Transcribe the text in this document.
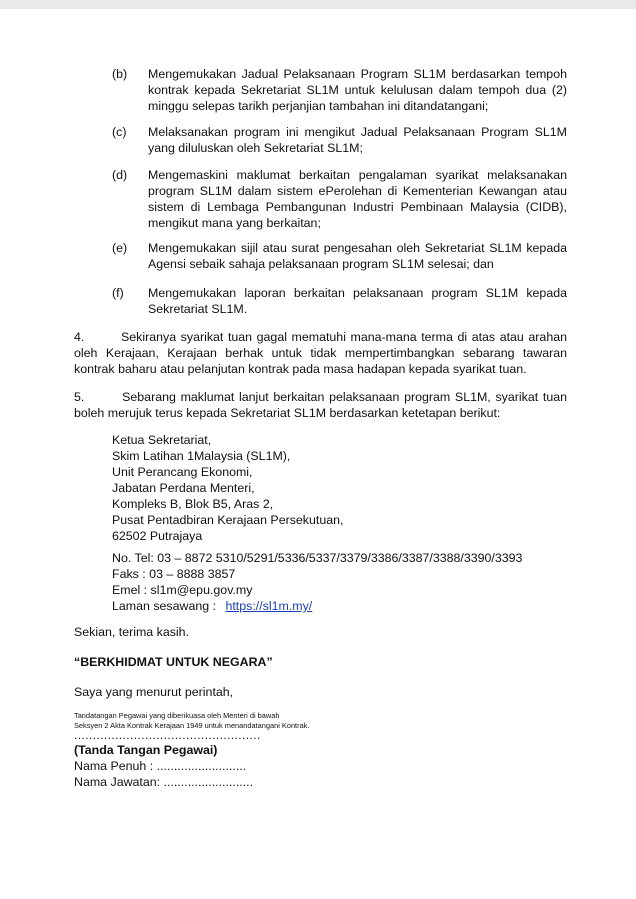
(b) Mengemukakan Jadual Pelaksanaan Program SL1M berdasarkan tempoh kontrak kepada Sekretariat SL1M untuk kelulusan dalam tempoh dua (2) minggu selepas tarikh perjanjian tambahan ini ditandatangani;
(c) Melaksanakan program ini mengikut Jadual Pelaksanaan Program SL1M yang diluluskan oleh Sekretariat SL1M;
(d) Mengemaskini maklumat berkaitan pengalaman syarikat melaksanakan program SL1M dalam sistem ePerolehan di Kementerian Kewangan atau sistem di Lembaga Pembangunan Industri Pembinaan Malaysia (CIDB), mengikut mana yang berkaitan;
(e) Mengemukakan sijil atau surat pengesahan oleh Sekretariat SL1M kepada Agensi sebaik sahaja pelaksanaan program SL1M selesai; dan
(f) Mengemukakan laporan berkaitan pelaksanaan program SL1M kepada Sekretariat SL1M.
4.        Sekiranya syarikat tuan gagal mematuhi mana-mana terma di atas atau arahan oleh Kerajaan, Kerajaan berhak untuk tidak mempertimbangkan sebarang tawaran kontrak baharu atau pelanjutan kontrak pada masa hadapan kepada syarikat tuan.
5.        Sebarang maklumat lanjut berkaitan pelaksanaan program SL1M, syarikat tuan boleh merujuk terus kepada Sekretariat SL1M berdasarkan ketetapan berikut:
Ketua Sekretariat,
Skim Latihan 1Malaysia (SL1M),
Unit Perancang Ekonomi,
Jabatan Perdana Menteri,
Kompleks B, Blok B5, Aras 2,
Pusat Pentadbiran Kerajaan Persekutuan,
62502 Putrajaya
No. Tel: 03 – 8872 5310/5291/5336/5337/3379/3386/3387/3388/3390/3393
Faks : 03 – 8888 3857
Emel : sl1m@epu.gov.my
Laman sesawang : https://sl1m.my/
Sekian, terima kasih.
“BERKHIDMAT UNTUK NEGARA”
Saya yang menurut perintah,
Tandatangan Pegawai yang diberikuasa oleh Menteri di bawah
Seksyen 2 Akta Kontrak Kerajaan 1949 untuk menandatangani Kontrak.
..................................................
(Tanda Tangan Pegawai)
Nama Penuh : ..........................
Nama Jawatan: ..........................
